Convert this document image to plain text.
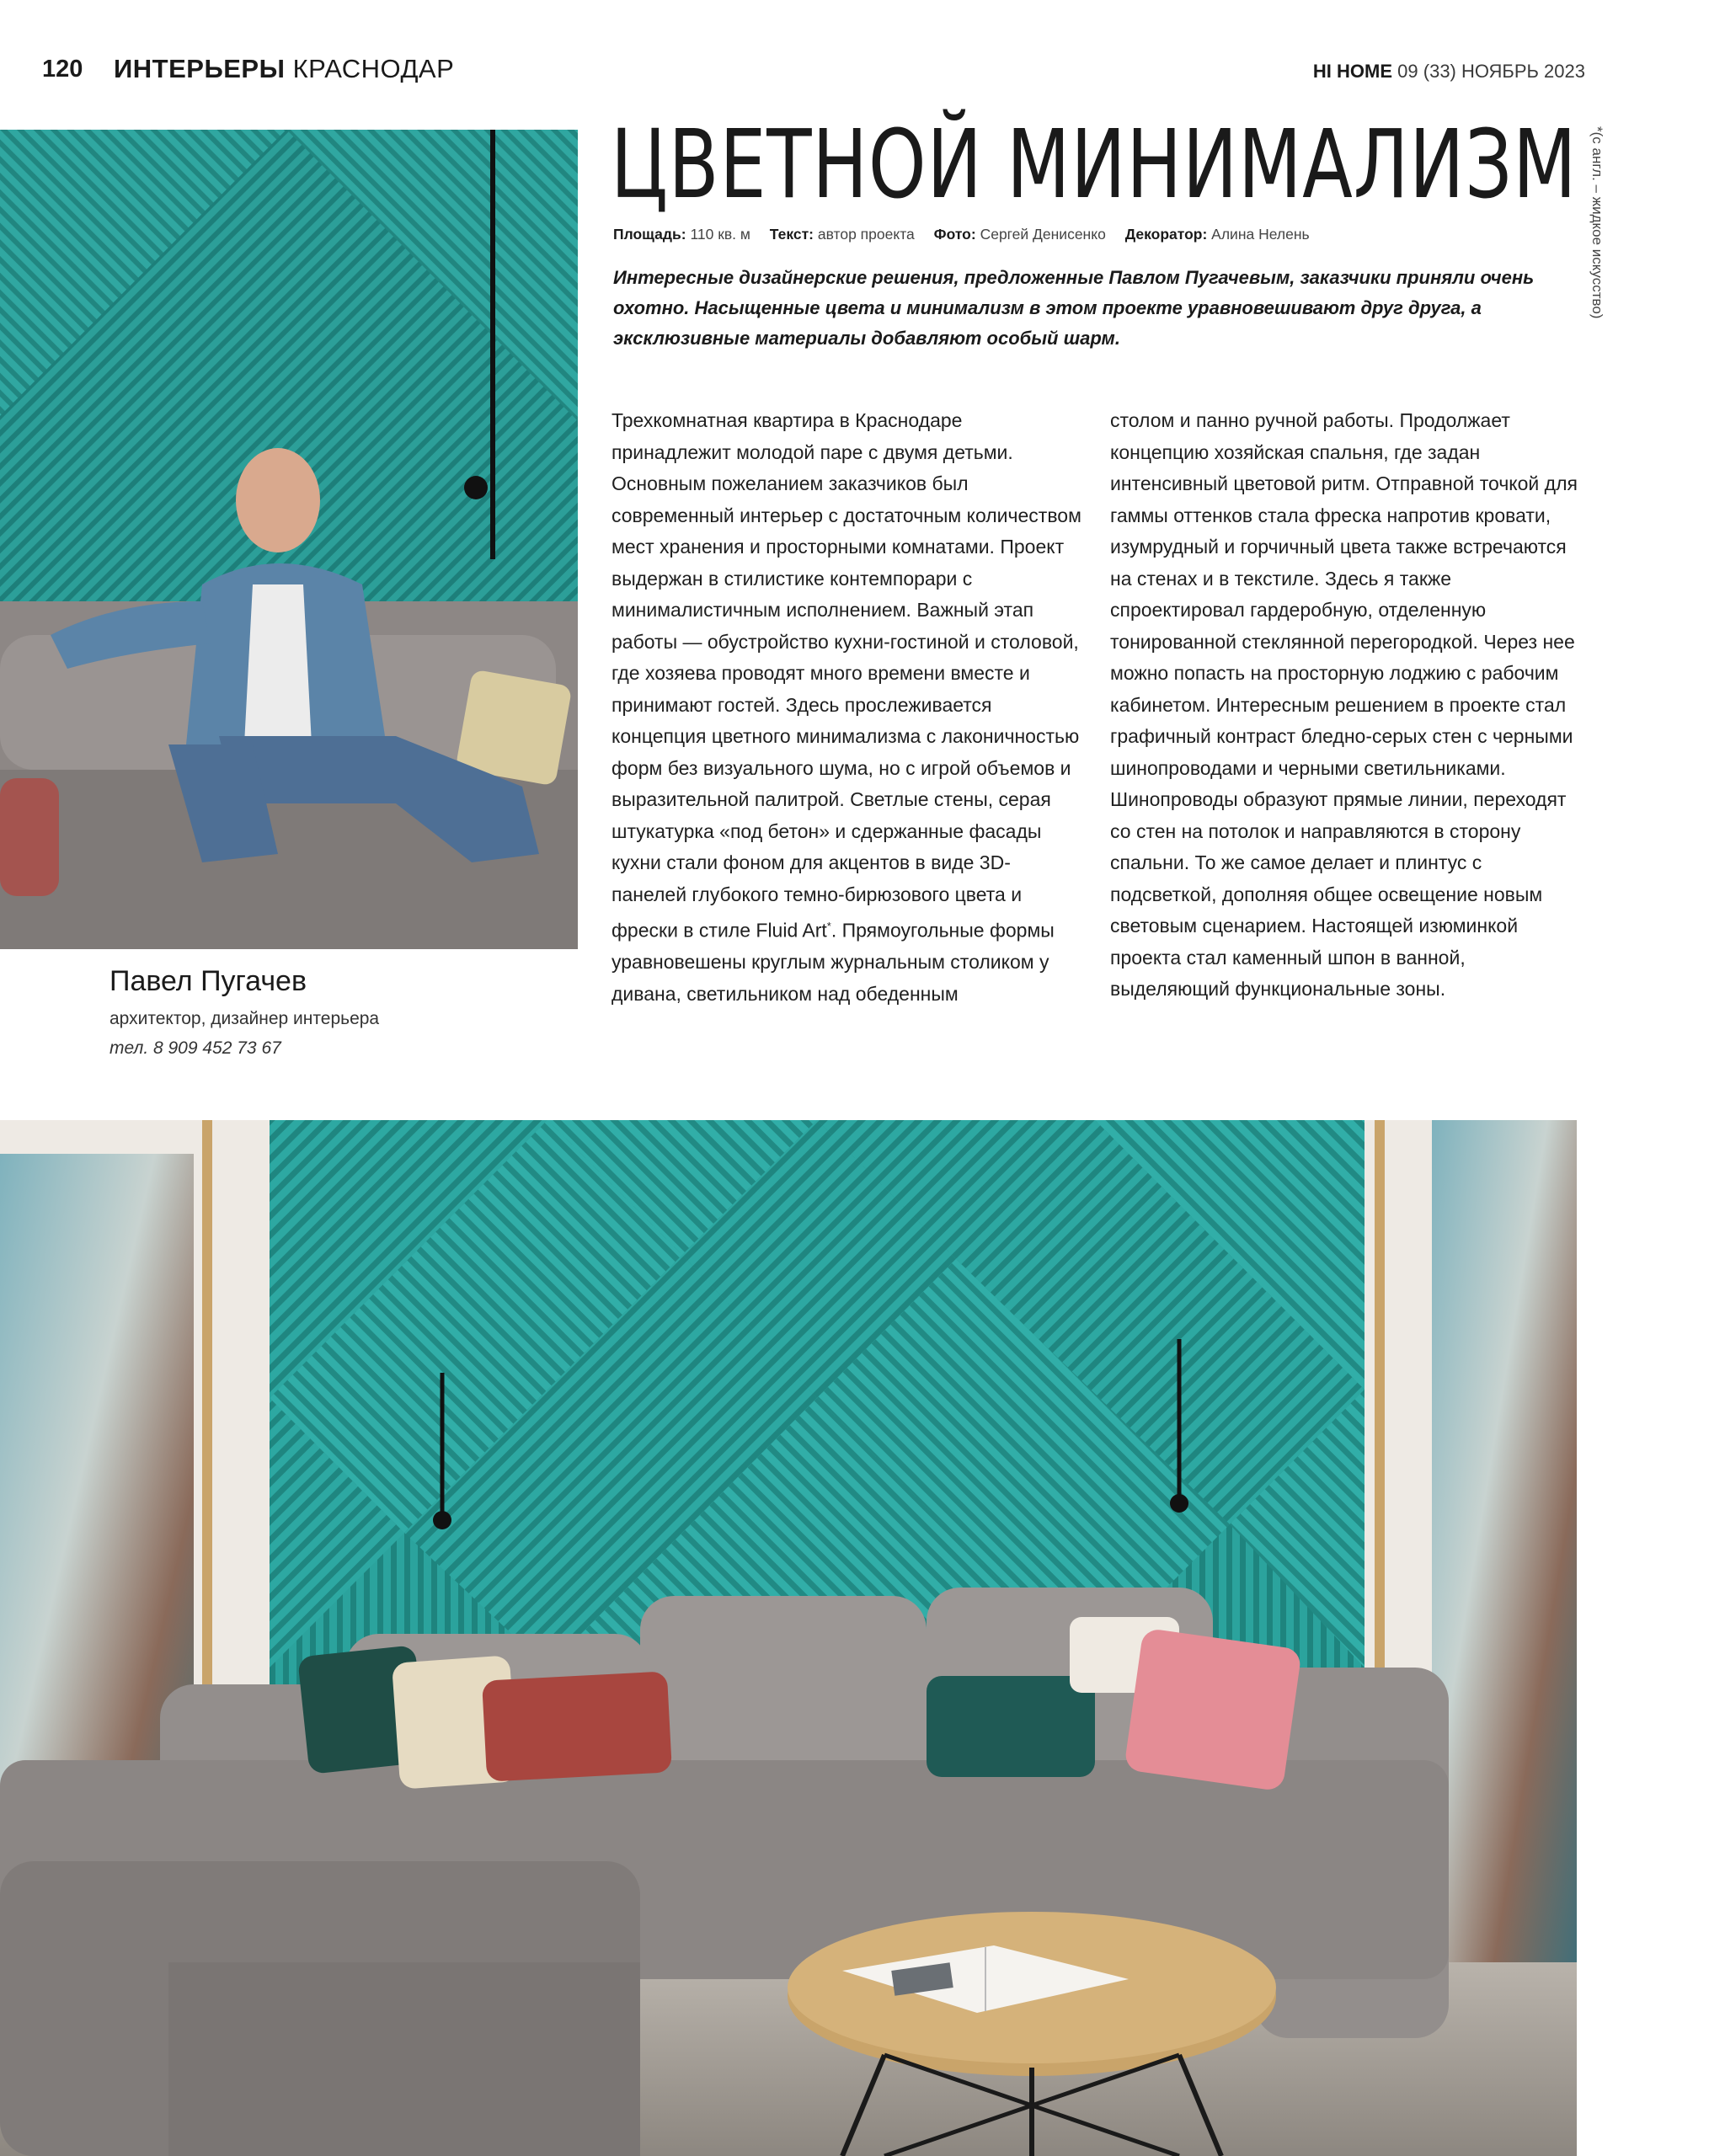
120 ИНТЕРЬЕРЫ КРАСНОДАР	HI HOME 09 (33) НОЯБРЬ 2023
Павел Пугачев
архитектор, дизайнер интерьера
тел. 8 909 452 73 67
ЦВЕТНОЙ МИНИМАЛИЗМ
Площадь: 110 кв. м Текст: автор проекта Фото: Сергей Денисенко Декоратор: Алина Нелень
Интересные дизайнерские решения, предложенные Павлом Пугачевым, заказчики приняли очень охотно. Насыщенные цвета и минимализм в этом проекте уравновешивают друг друга, а эксклюзивные материалы добавляют особый шарм.
*(с англ. – жидкое искусство)
Трехкомнатная квартира в Краснодаре принадлежит молодой паре с двумя детьми. Основным пожеланием заказчиков был современный интерьер с достаточным количеством мест хранения и просторными комнатами. Проект выдержан в стилистике контемпорари с минималистичным исполнением. Важный этап работы — обустройство кухни-гостиной и столовой, где хозяева проводят много времени вместе и принимают гостей. Здесь прослеживается концепция цветного минимализма с лаконичностью форм без визуального шума, но с игрой объемов и выразительной палитрой. Светлые стены, серая штукатурка «под бетон» и сдержанные фасады кухни стали фоном для акцентов в виде 3D-панелей глубокого темно-бирюзового цвета и фрески в стиле Fluid Art*. Прямоугольные формы уравновешены круглым журнальным столиком у дивана, светильником над обеденным
столом и панно ручной работы. Продолжает концепцию хозяйская спальня, где задан интенсивный цветовой ритм. Отправной точкой для гаммы оттенков стала фреска напротив кровати, изумрудный и горчичный цвета также встречаются на стенах и в текстиле. Здесь я также спроектировал гардеробную, отделенную тонированной стеклянной перегородкой. Через нее можно попасть на просторную лоджию с рабочим кабинетом. Интересным решением в проекте стал графичный контраст бледно-серых стен с черными шинопроводами и черными светильниками. Шинопроводы образуют прямые линии, переходят со стен на потолок и направляются в сторону спальни. То же самое делает и плинтус с подсветкой, дополняя общее освещение новым световым сценарием. Настоящей изюминкой проекта стал каменный шпон в ванной, выделяющий функциональные зоны.
